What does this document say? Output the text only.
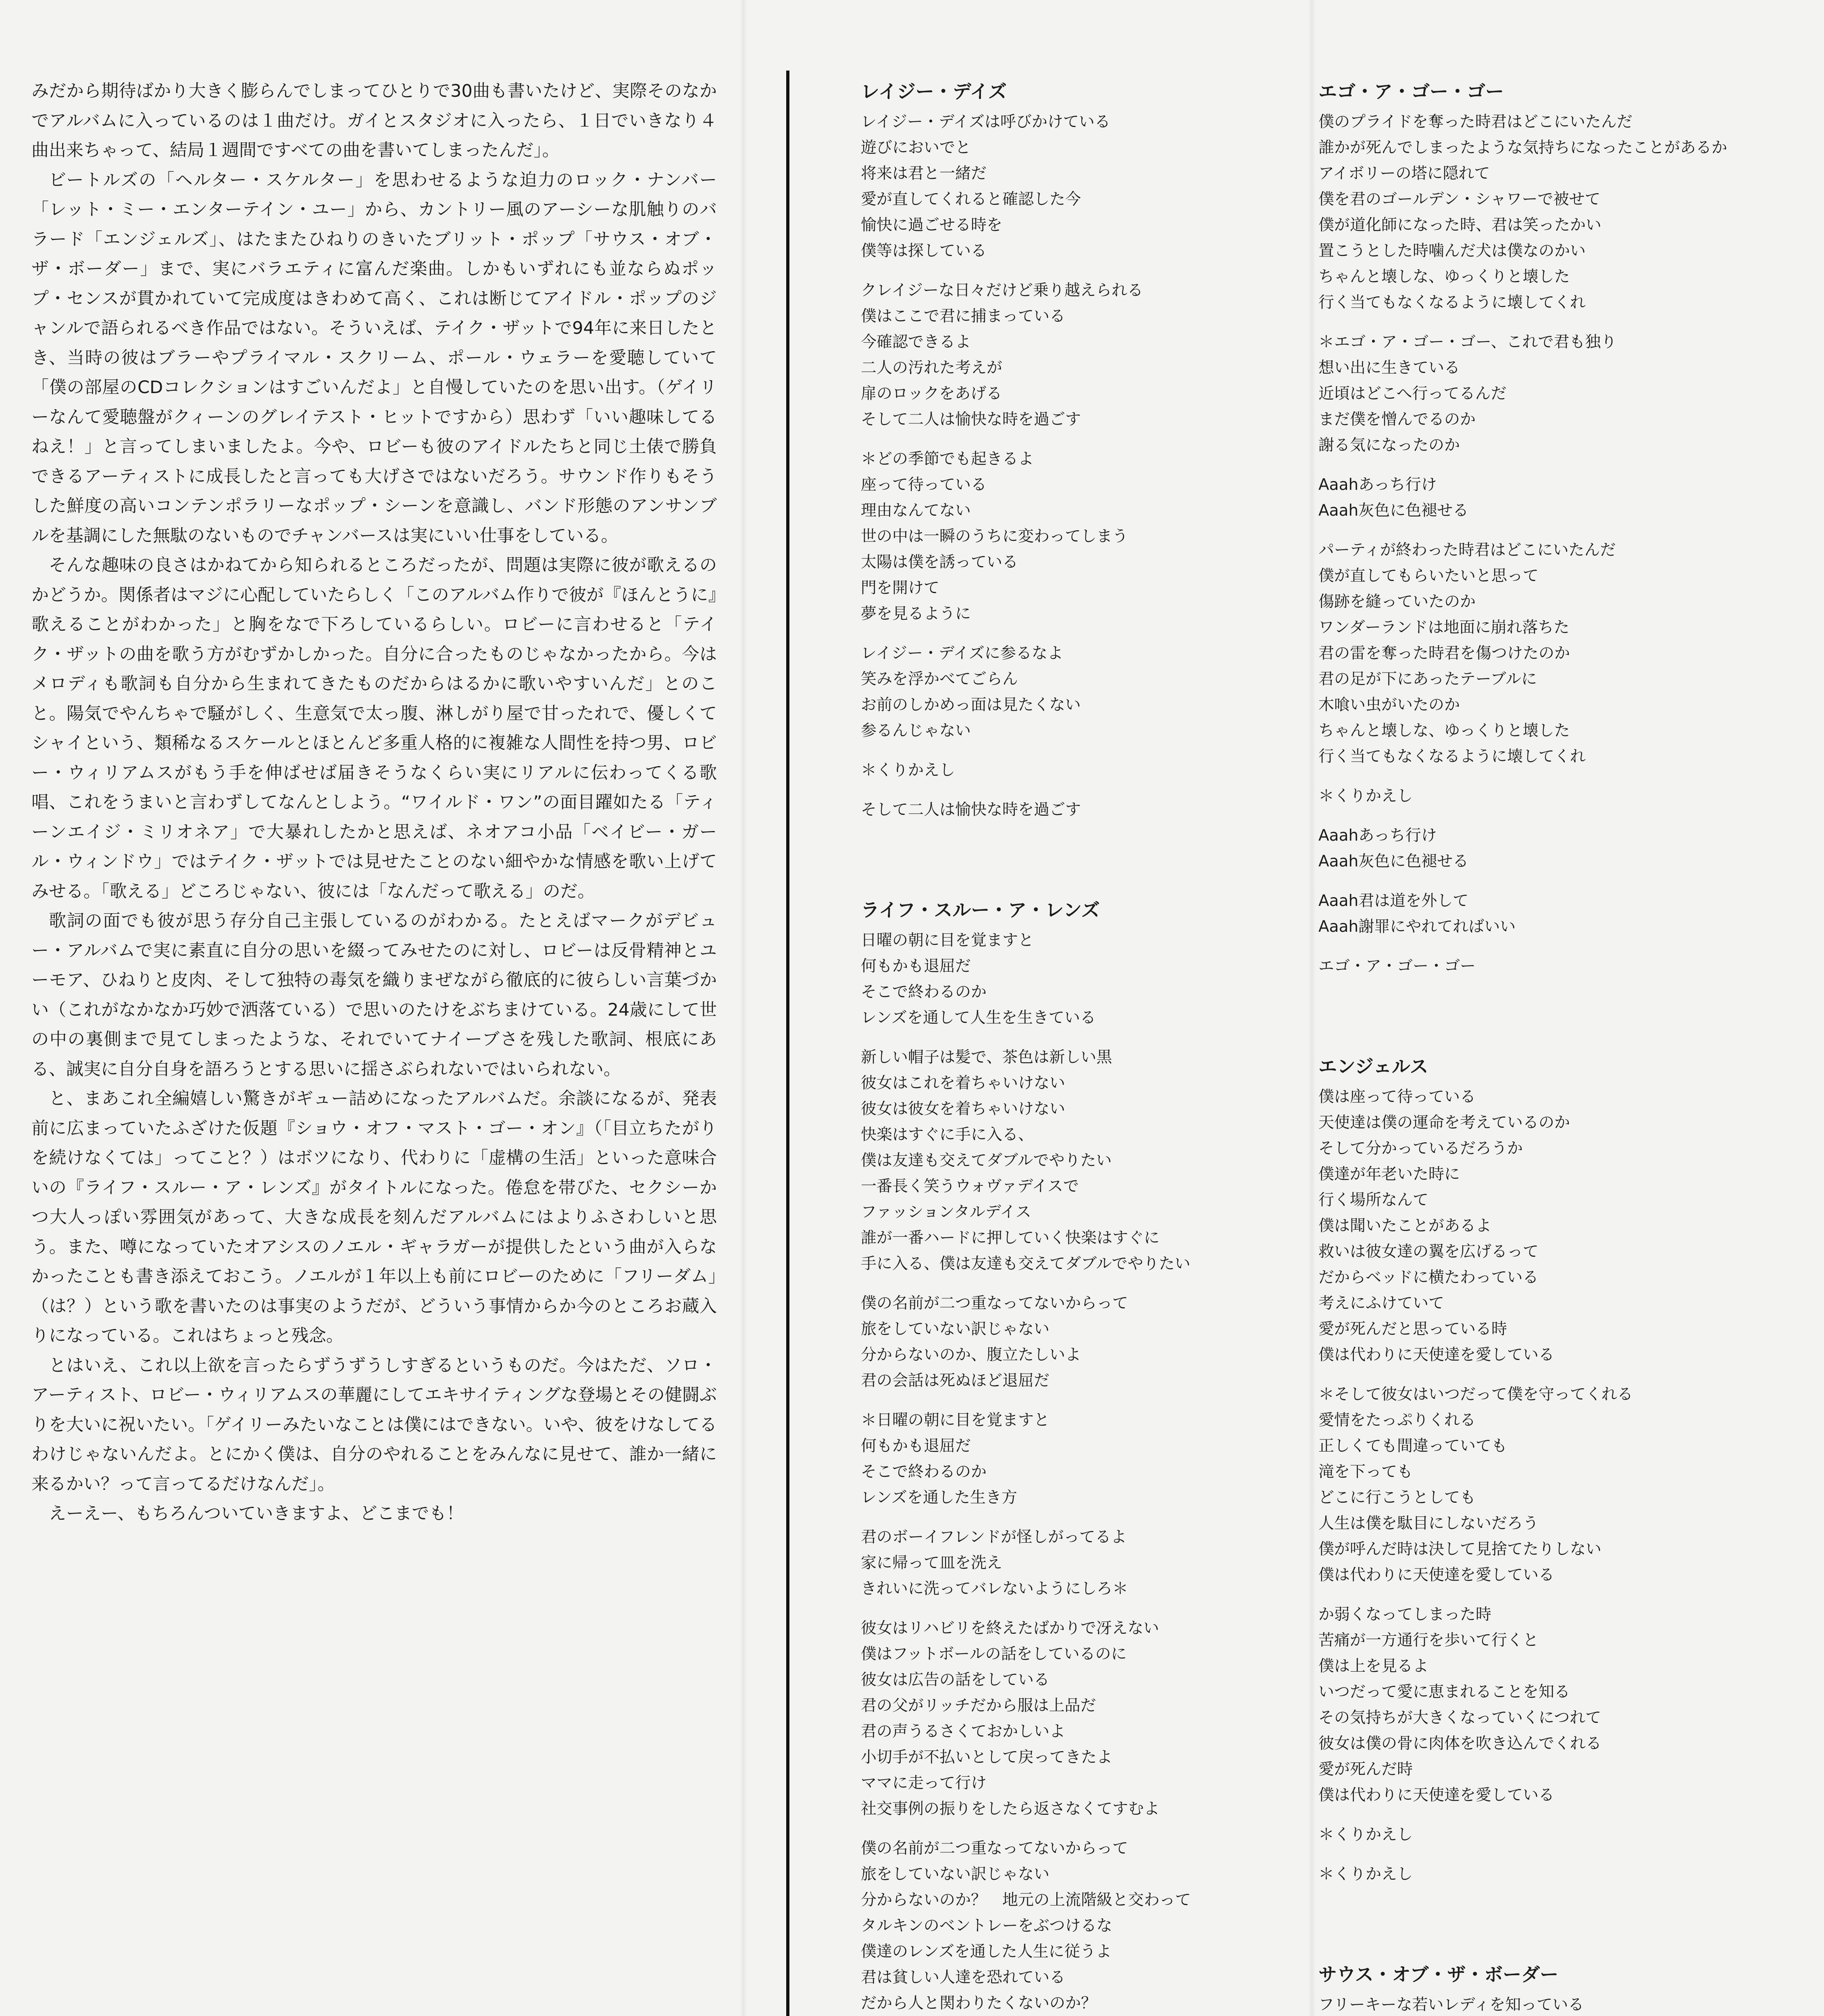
みだから期待ばかり大きく膨らんでしまってひとりで30曲も書いたけど、実際そのなかでアルバムに入っているのは１曲だけ。ガイとスタジオに入ったら、１日でいきなり４曲出来ちゃって、結局１週間ですべての曲を書いてしまったんだ」。

ビートルズの「ヘルター・スケルター」を思わせるような迫力のロック・ナンバー「レット・ミー・エンターテイン・ユー」から、カントリー風のアーシーな肌触りのバラード「エンジェルズ」、はたまたひねりのきいたブリット・ポップ「サウス・オブ・ザ・ボーダー」まで、実にバラエティに富んだ楽曲。しかもいずれにも並ならぬポップ・センスが貫かれていて完成度はきわめて高く、これは断じてアイドル・ポップのジャンルで語られるべき作品ではない。そういえば、テイク・ザットで94年に来日したとき、当時の彼はブラーやプライマル・スクリーム、ポール・ウェラーを愛聴していて「僕の部屋のCDコレクションはすごいんだよ」と自慢していたのを思い出す。（ゲイリーなんて愛聴盤がクィーンのグレイテスト・ヒットですから）思わず「いい趣味してるねえ！」と言ってしまいましたよ。今や、ロビーも彼のアイドルたちと同じ土俵で勝負できるアーティストに成長したと言っても大げさではないだろう。サウンド作りもそうした鮮度の高いコンテンポラリーなポップ・シーンを意識し、バンド形態のアンサンブルを基調にした無駄のないものでチャンバースは実にいい仕事をしている。

そんな趣味の良さはかねてから知られるところだったが、問題は実際に彼が歌えるのかどうか。関係者はマジに心配していたらしく「このアルバム作りで彼が『ほんとうに』歌えることがわかった」と胸をなで下ろしているらしい。ロビーに言わせると「テイク・ザットの曲を歌う方がむずかしかった。自分に合ったものじゃなかったから。今はメロディも歌詞も自分から生まれてきたものだからはるかに歌いやすいんだ」とのこと。陽気でやんちゃで騒がしく、生意気で太っ腹、淋しがり屋で甘ったれで、優しくてシャイという、類稀なるスケールとほとんど多重人格的に複雑な人間性を持つ男、ロビー・ウィリアムスがもう手を伸ばせば届きそうなくらい実にリアルに伝わってくる歌唱、これをうまいと言わずしてなんとしよう。“ワイルド・ワン”の面目躍如たる「ティーンエイジ・ミリオネア」で大暴れしたかと思えば、ネオアコ小品「ベイビー・ガール・ウィンドウ」ではテイク・ザットでは見せたことのない細やかな情感を歌い上げてみせる。「歌える」どころじゃない、彼には「なんだって歌える」のだ。

歌詞の面でも彼が思う存分自己主張しているのがわかる。たとえばマークがデビュー・アルバムで実に素直に自分の思いを綴ってみせたのに対し、ロビーは反骨精神とユーモア、ひねりと皮肉、そして独特の毒気を織りまぜながら徹底的に彼らしい言葉づかい（これがなかなか巧妙で洒落ている）で思いのたけをぶちまけている。24歳にして世の中の裏側まで見てしまったような、それでいてナイーブさを残した歌詞、根底にある、誠実に自分自身を語ろうとする思いに揺さぶられないではいられない。

と、まあこれ全編嬉しい驚きがギュー詰めになったアルバムだ。余談になるが、発表前に広まっていたふざけた仮題『ショウ・オフ・マスト・ゴー・オン』（「目立ちたがりを続けなくては」ってこと？）はボツになり、代わりに「虚構の生活」といった意味合いの『ライフ・スルー・ア・レンズ』がタイトルになった。倦怠を帯びた、セクシーかつ大人っぽい雰囲気があって、大きな成長を刻んだアルバムにはよりふさわしいと思う。また、噂になっていたオアシスのノエル・ギャラガーが提供したという曲が入らなかったことも書き添えておこう。ノエルが１年以上も前にロビーのために「フリーダム」（は？）という歌を書いたのは事実のようだが、どういう事情からか今のところお蔵入りになっている。これはちょっと残念。

とはいえ、これ以上欲を言ったらずうずうしすぎるというものだ。今はただ、ソロ・アーティスト、ロビー・ウィリアムスの華麗にしてエキサイティングな登場とその健闘ぶりを大いに祝いたい。「ゲイリーみたいなことは僕にはできない。いや、彼をけなしてるわけじゃないんだよ。とにかく僕は、自分のやれることをみんなに見せて、誰か一緒に来るかい？って言ってるだけなんだ」。

えーえー、もちろんついていきますよ、どこまでも！

レイジー・デイズ
レイジー・デイズは呼びかけている
遊びにおいでと
将来は君と一緒だ
愛が直してくれると確認した今
愉快に過ごせる時を
僕等は探している
クレイジーな日々だけど乗り越えられる
僕はここで君に捕まっている
今確認できるよ
二人の汚れた考えが
扉のロックをあげる
そして二人は愉快な時を過ごす
＊どの季節でも起きるよ
座って待っている
理由なんてない
世の中は一瞬のうちに変わってしまう
太陽は僕を誘っている
門を開けて
夢を見るように
レイジー・デイズに参るなよ
笑みを浮かべてごらん
お前のしかめっ面は見たくない
参るんじゃない
＊くりかえし
そして二人は愉快な時を過ごす
ライフ・スルー・ア・レンズ
日曜の朝に目を覚ますと
何もかも退屈だ
そこで終わるのか
レンズを通して人生を生きている
新しい帽子は髪で、茶色は新しい黒
彼女はこれを着ちゃいけない
彼女は彼女を着ちゃいけない
快楽はすぐに手に入る、
僕は友達も交えてダブルでやりたい
一番長く笑うウォヴァデイスで
ファッションタルデイス
誰が一番ハードに押していく快楽はすぐに
手に入る、僕は友達も交えてダブルでやりたい
僕の名前が二つ重なってないからって
旅をしていない訳じゃない
分からないのか、腹立たしいよ
君の会話は死ぬほど退屈だ
＊日曜の朝に目を覚ますと
何もかも退屈だ
そこで終わるのか
レンズを通した生き方
君のボーイフレンドが怪しがってるよ
家に帰って皿を洗え
きれいに洗ってバレないようにしろ＊
彼女はリハビリを終えたばかりで冴えない
僕はフットボールの話をしているのに
彼女は広告の話をしている
君の父がリッチだから服は上品だ
君の声うるさくておかしいよ
小切手が不払いとして戻ってきたよ
ママに走って行け
社交事例の振りをしたら返さなくてすむよ
僕の名前が二つ重なってないからって
旅をしていない訳じゃない
分からないのか？　地元の上流階級と交わって
タルキンのベントレーをぶつけるな
僕達のレンズを通した人生に従うよ
君は貧しい人達を恐れている
だから人と関わりたくないのか？
エゴ・ア・ゴー・ゴー
僕のプライドを奪った時君はどこにいたんだ
誰かが死んでしまったような気持ちになったことがあるか
アイボリーの塔に隠れて
僕を君のゴールデン・シャワーで被せて
僕が道化師になった時、君は笑ったかい
置こうとした時噛んだ犬は僕なのかい
ちゃんと壊しな、ゆっくりと壊した
行く当てもなくなるように壊してくれ
＊エゴ・ア・ゴー・ゴー、これで君も独り
想い出に生きている
近頃はどこへ行ってるんだ
まだ僕を憎んでるのか
謝る気になったのか
Aaahあっち行け
Aaah灰色に色褪せる
パーティが終わった時君はどこにいたんだ
僕が直してもらいたいと思って
傷跡を縫っていたのか
ワンダーランドは地面に崩れ落ちた
君の雷を奪った時君を傷つけたのか
君の足が下にあったテーブルに
木喰い虫がいたのか
ちゃんと壊しな、ゆっくりと壊した
行く当てもなくなるように壊してくれ
＊くりかえし
Aaahあっち行け
Aaah灰色に色褪せる
Aaah君は道を外して
Aaah謝罪にやれてればいい
エゴ・ア・ゴー・ゴー
エンジェルス
僕は座って待っている
天使達は僕の運命を考えているのか
そして分かっているだろうか
僕達が年老いた時に
行く場所なんて
僕は聞いたことがあるよ
救いは彼女達の翼を広げるって
だからベッドに横たわっている
考えにふけていて
愛が死んだと思っている時
僕は代わりに天使達を愛している
＊そして彼女はいつだって僕を守ってくれる
愛情をたっぷりくれる
正しくても間違っていても
滝を下っても
どこに行こうとしても
人生は僕を駄目にしないだろう
僕が呼んだ時は決して見捨てたりしない
僕は代わりに天使達を愛している
か弱くなってしまった時
苦痛が一方通行を歩いて行くと
僕は上を見るよ
いつだって愛に恵まれることを知る
その気持ちが大きくなっていくにつれて
彼女は僕の骨に肉体を吹き込んでくれる
愛が死んだ時
僕は代わりに天使達を愛している
＊くりかえし
＊くりかえし
サウス・オブ・ザ・ボーダー
フリーキーな若いレディを知っている
